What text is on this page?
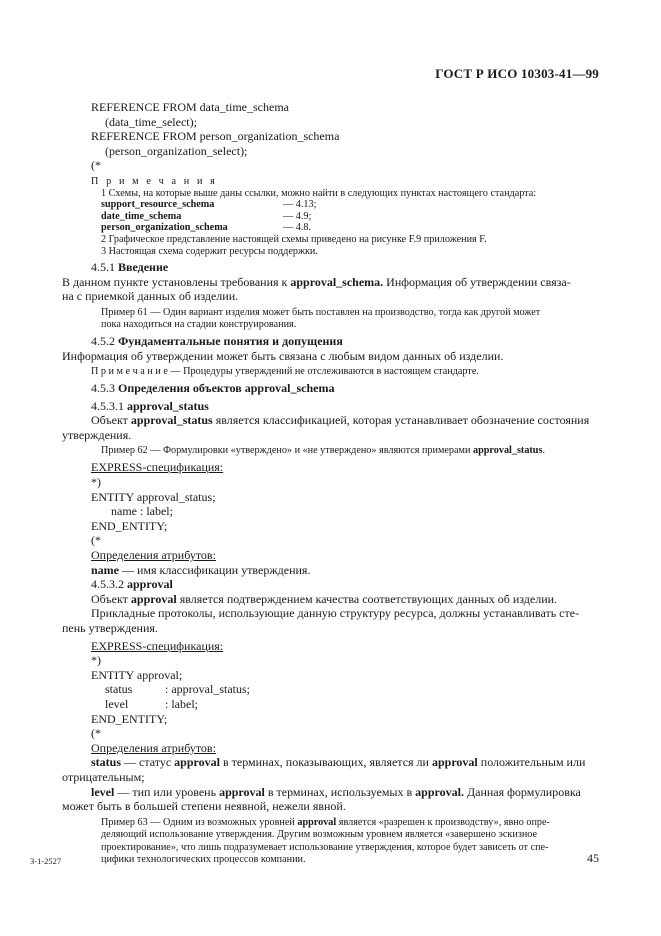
ГОСТ Р ИСО 10303-41—99
REFERENCE FROM data_time_schema
(data_time_select);
REFERENCE FROM person_organization_schema
(person_organization_select);
(*
П р и м е ч а н и я
1 Схемы, на которые выше даны ссылки, можно найти в следующих пунктах настоящего стандарта:
support_resource_schema	— 4.13;
date_time_schema	— 4.9;
person_organization_schema	— 4.8.
2 Графическое представление настоящей схемы приведено на рисунке F.9 приложения F.
3 Настоящая схема содержит ресурсы поддержки.
4.5.1 Введение
В данном пункте установлены требования к approval_schema. Информация об утверждении связа-
на с приемкой данных об изделии.
Пример 61 — Один вариант изделия может быть поставлен на производство, тогда как другой может
пока находиться на стадии конструирования.
4.5.2 Фундаментальные понятия и допущения
Информация об утверждении может быть связана с любым видом данных об изделии.
П р и м е ч а н и е — Процедуры утверждений не отслеживаются в настоящем стандарте.
4.5.3 Определения объектов approval_schema
4.5.3.1 approval_status
Объект approval_status является классификацией, которая устанавливает обозначение состояния
утверждения.
Пример 62 — Формулировки «утверждено» и «не утверждено» являются примерами approval_status.
EXPRESS-спецификация:
*)
ENTITY approval_status;
name : label;
END_ENTITY;
(*
Определения атрибутов:
name — имя классификации утверждения.
4.5.3.2 approval
Объект approval является подтверждением качества соответствующих данных об изделии.
Прикладные протоколы, использующие данную структуру ресурса, должны устанавливать сте-
пень утверждения.
EXPRESS-спецификация:
*)
ENTITY approval;
status	: approval_status;
level	: label;
END_ENTITY;
(*
Определения атрибутов:
status — статус approval в терминах, показывающих, является ли approval положительным или
отрицательным;
level — тип или уровень approval в терминах, используемых в approval. Данная формулировка
может быть в большей степени неявной, нежели явной.
Пример 63 — Одним из возможных уровней approval является «разрешен к производству», явно опре-
деляющий использование утверждения. Другим возможным уровнем является «завершено эскизное
проектирование», что лишь подразумевает использование утверждения, которое будет зависеть от спе-
цифики технологических процессов компании.
3-1-2527	45
